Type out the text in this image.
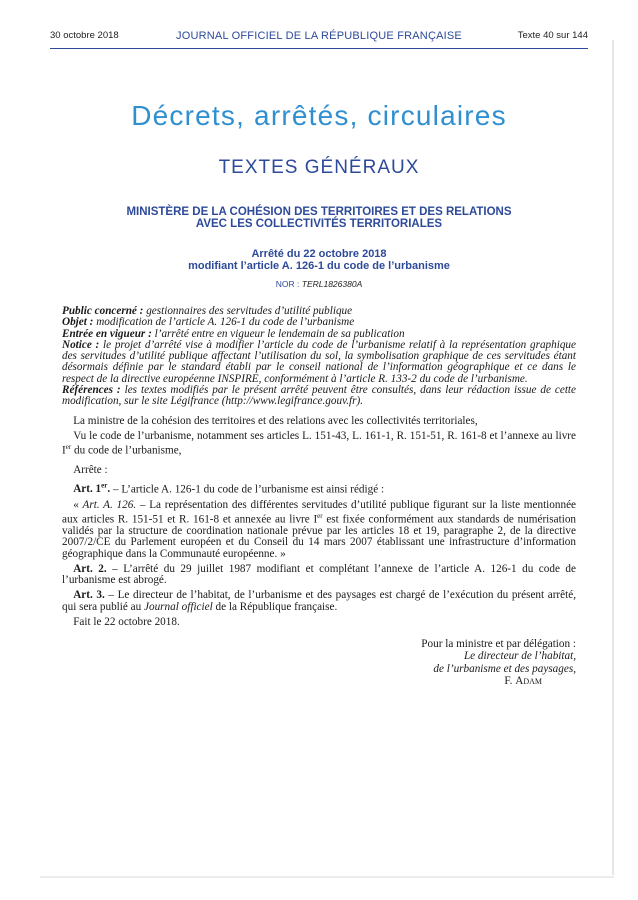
30 octobre 2018	JOURNAL OFFICIEL DE LA RÉPUBLIQUE FRANÇAISE	Texte 40 sur 144
Décrets, arrêtés, circulaires
TEXTES GÉNÉRAUX
MINISTÈRE DE LA COHÉSION DES TERRITOIRES ET DES RELATIONS
AVEC LES COLLECTIVITÉS TERRITORIALES
Arrêté du 22 octobre 2018
modifiant l’article A. 126-1 du code de l’urbanisme
NOR : TERL1826380A

Public concerné : gestionnaires des servitudes d’utilité publique

Objet : modification de l’article A. 126-1 du code de l’urbanisme

Entrée en vigueur : l’arrêté entre en vigueur le lendemain de sa publication

Notice : le projet d’arrêté vise à modifier l’article du code de l’urbanisme relatif à la représentation graphique des servitudes d’utilité publique affectant l’utilisation du sol, la symbolisation graphique de ces servitudes étant désormais définie par le standard établi par le conseil national de l’information géographique et ce dans le respect de la directive européenne INSPIRE, conformément à l’article R. 133-2 du code de l’urbanisme.

Références : les textes modifiés par le présent arrêté peuvent être consultés, dans leur rédaction issue de cette modification, sur le site Légifrance (http://www.legifrance.gouv.fr).

La ministre de la cohésion des territoires et des relations avec les collectivités territoriales,

Vu le code de l’urbanisme, notamment ses articles L. 151-43, L. 161-1, R. 151-51, R. 161-8 et l’annexe au livre Ier du code de l’urbanisme,

Arrête :

Art. 1er. – L’article A. 126-1 du code de l’urbanisme est ainsi rédigé :

« Art. A. 126. – La représentation des différentes servitudes d’utilité publique figurant sur la liste mentionnée aux articles R. 151-51 et R. 161-8 et annexée au livre Ier est fixée conformément aux standards de numérisation validés par la structure de coordination nationale prévue par les articles 18 et 19, paragraphe 2, de la directive 2007/2/CE du Parlement européen et du Conseil du 14 mars 2007 établissant une infrastructure d’information géographique dans la Communauté européenne. »

Art. 2. – L’arrêté du 29 juillet 1987 modifiant et complétant l’annexe de l’article A. 126-1 du code de l’urbanisme est abrogé.

Art. 3. – Le directeur de l’habitat, de l’urbanisme et des paysages est chargé de l’exécution du présent arrêté, qui sera publié au Journal officiel de la République française.

Fait le 22 octobre 2018.

Pour la ministre et par délégation :
Le directeur de l’habitat,
de l’urbanisme et des paysages,
F. Adam
